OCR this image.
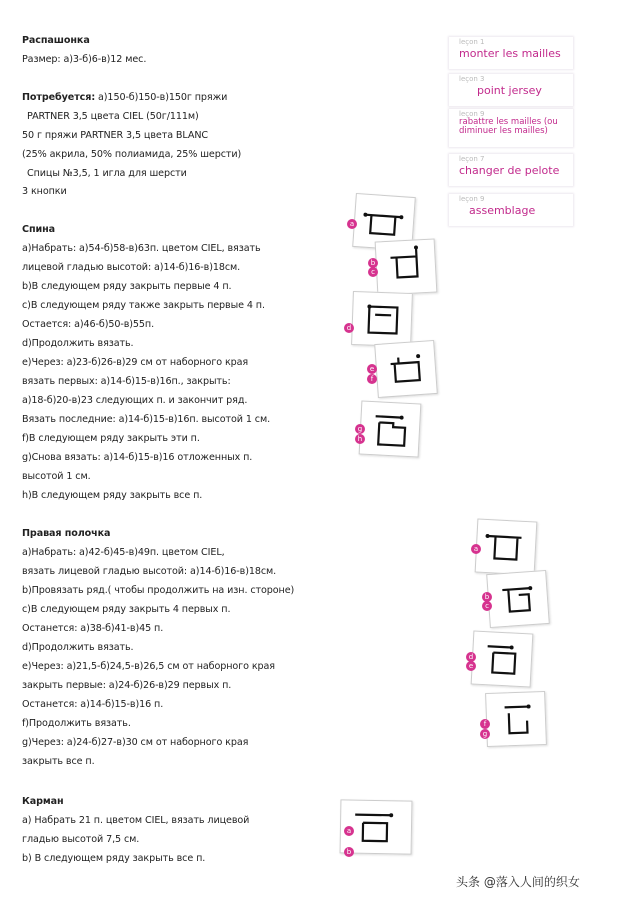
Распашонка
Размер: а)3-б)6-в)12 мес.
Потребуется: а)150-б)150-в)150г пряжи
PARTNER 3,5 цвета CIEL (50г/111м)
50 г пряжи PARTNER 3,5 цвета BLANC
(25% акрила, 50% полиамида, 25% шерсти)
Спицы №3,5, 1 игла для шерсти
3 кнопки
Спина
а)Набрать: а)54-б)58-в)63п. цветом CIEL, вязать
лицевой гладью высотой: а)14-б)16-в)18см.
b)В следующем ряду закрыть первые 4 п.
c)В следующем ряду также закрыть первые 4 п.
Остается: а)46-б)50-в)55п.
d)Продолжить вязать.
е)Через: а)23-б)26-в)29 см от наборного края
вязать первых: а)14-б)15-в)16п., закрыть:
а)18-б)20-в)23 следующих п. и закончит ряд.
Вязать последние: а)14-б)15-в)16п. высотой 1 см.
f)В следующем ряду закрыть эти п.
g)Снова вязать: а)14-б)15-в)16 отложенных п.
высотой 1 см.
h)В следующем ряду закрыть все п.
Правая полочка
а)Набрать: а)42-б)45-в)49п. цветом CIEL,
вязать лицевой гладью высотой: а)14-б)16-в)18см.
b)Провязать ряд.( чтобы продолжить на изн. стороне)
c)В следующем ряду закрыть 4 первых п.
Останется: а)38-б)41-в)45 п.
d)Продолжить вязать.
е)Через: а)21,5-б)24,5-в)26,5 см от наборного края
закрыть первые: а)24-б)26-в)29 первых п.
Останется: а)14-б)15-в)16 п.
f)Продолжить вязать.
g)Через: а)24-б)27-в)30 см от наборного края
закрыть все п.
Карман
а) Набрать 21 п. цветом CIEL, вязать лицевой
гладью высотой 7,5 см.
b) В следующем ряду закрыть все п.
leçon 1
monter les mailles
leçon 3
point jersey
leçon 9
rabattre les mailles (ou diminuer les mailles)
leçon 7
changer de pelote
leçon 9
assemblage
a
b
c
d
e
f
g
h
a
b
c
d
e
f
g
a
b
头条 @落入人间的织女
